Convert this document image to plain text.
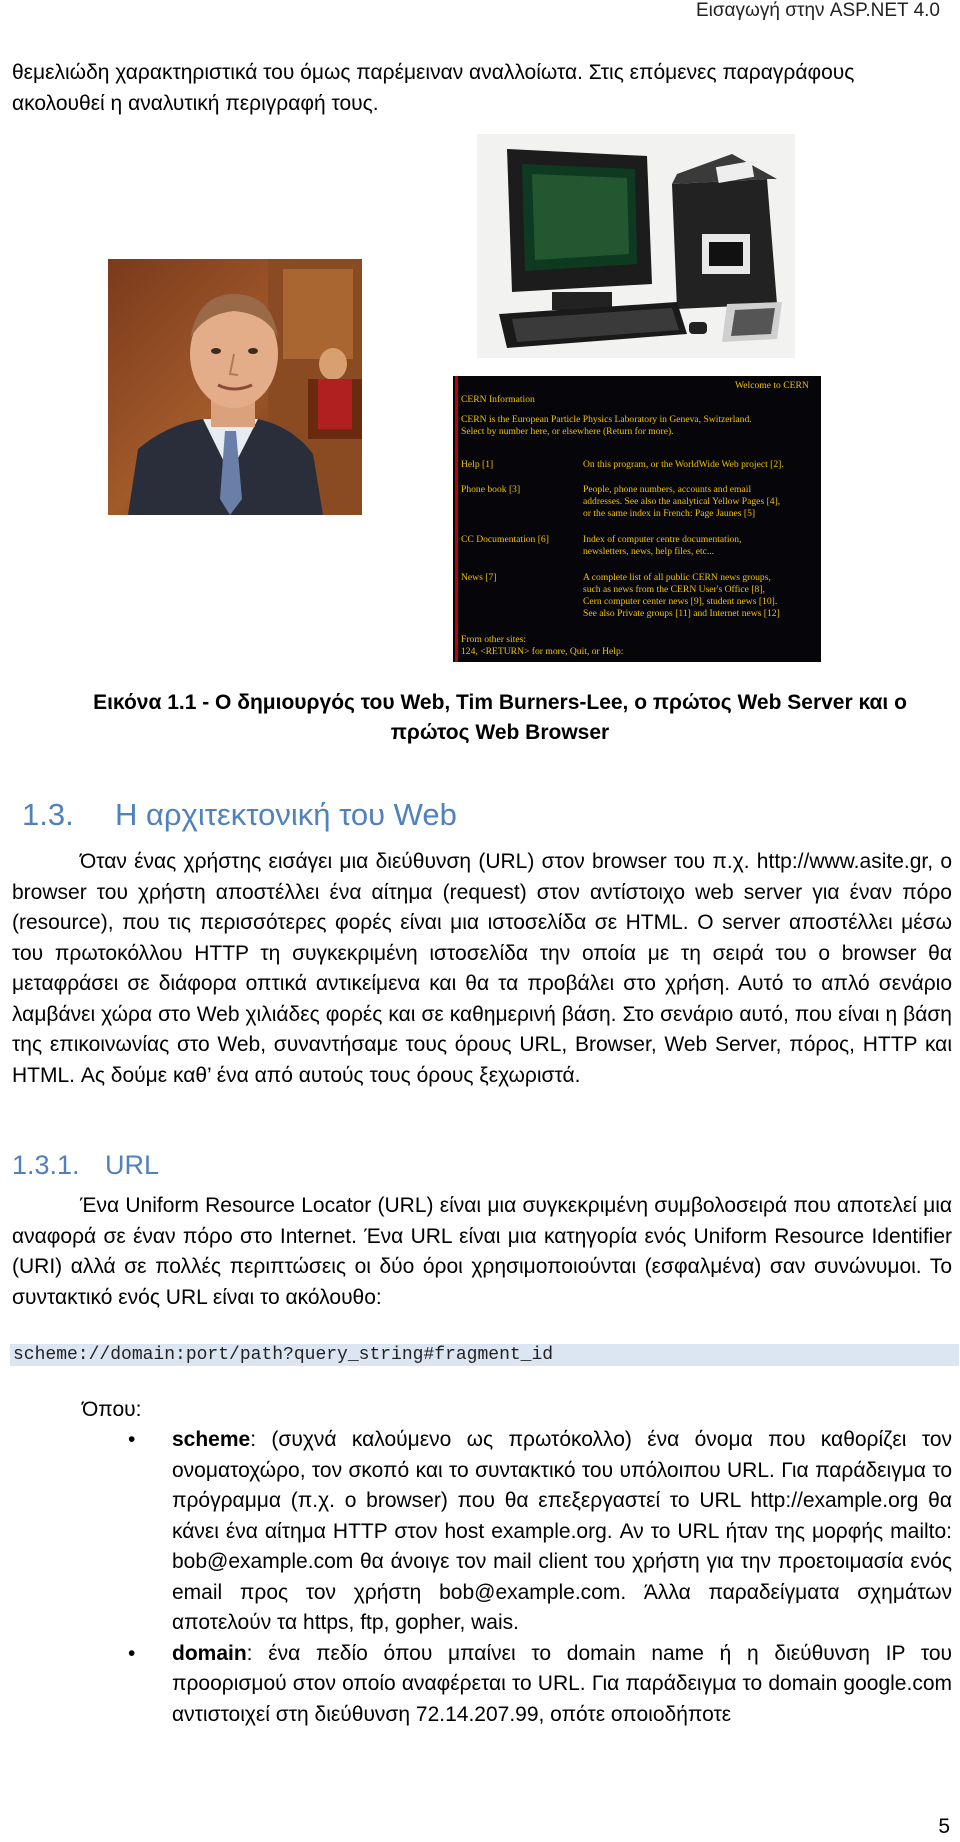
Εισαγωγή στην ASP.NET 4.0

θεμελιώδη χαρακτηριστικά του όμως παρέμειναν αναλλοίωτα. Στις επόμενες παραγράφους ακολουθεί η αναλυτική περιγραφή τους.

CERN Information
Welcome to CERN
CERN is the European Particle Physics Laboratory in Geneva, Switzerland.
Select by number here, or elsewhere (Return for more).
Help [1]	On this program, or the WorldWide Web project [2].
Phone book [3]	People, phone numbers, accounts and email
addresses. See also the analytical Yellow Pages [4],
or the same index in French: Page Jaunes [5]
CC Documentation [6]	Index of computer centre documentation,
newsletters, news, help files, etc...
News [7]	A complete list of all public CERN news groups,
such as news from the CERN User's Office [8],
Cern computer center news [9], student news [10].
See also Private groups [11] and Internet news [12]
From other sites:
124, <RETURN> for more, Quit, or Help:
Εικόνα 1.1 - Ο δημιουργός του Web, Tim Burners-Lee, ο πρώτος Web Server και ο
πρώτος Web Browser
1.3. Η αρχιτεκτονική του Web

Όταν ένας χρήστης εισάγει μια διεύθυνση (URL) στον browser του π.χ. http://www.asite.gr, ο browser του χρήστη αποστέλλει ένα αίτημα (request) στον αντίστοιχο web server για έναν πόρο (resource), που τις περισσότερες φορές είναι μια ιστοσελίδα σε HTML. Ο server αποστέλλει μέσω του πρωτοκόλλου HTTP τη συγκεκριμένη ιστοσελίδα την οποία με τη σειρά του ο browser θα μεταφράσει σε διάφορα οπτικά αντικείμενα και θα τα προβάλει στο χρήση. Αυτό το απλό σενάριο λαμβάνει χώρα στο Web χιλιάδες φορές και σε καθημερινή βάση. Στο σενάριο αυτό, που είναι η βάση της επικοινωνίας στο Web, συναντήσαμε τους όρους URL, Browser, Web Server, πόρος, HTTP και HTML. Ας δούμε καθ’ ένα από αυτούς τους όρους ξεχωριστά.

1.3.1. URL

Ένα Uniform Resource Locator (URL) είναι μια συγκεκριμένη συμβολοσειρά που αποτελεί μια αναφορά σε έναν πόρο στο Internet. Ένα URL είναι μια κατηγορία ενός Uniform Resource Identifier (URI) αλλά σε πολλές περιπτώσεις οι δύο όροι χρησιμοποιούνται (εσφαλμένα) σαν συνώνυμοι. Το συντακτικό ενός URL είναι το ακόλουθο:

scheme://domain:port/path?query_string#fragment_id
Όπου:
• scheme: (συχνά καλούμενο ως πρωτόκολλο) ένα όνομα που καθορίζει τον ονοματοχώρο, τον σκοπό και το συντακτικό του υπόλοιπου URL. Για παράδειγμα το πρόγραμμα (π.χ. ο browser) που θα επεξεργαστεί το URL http://example.org θα κάνει ένα αίτημα HTTP στον host example.org. Αν το URL ήταν της μορφής mailto: bob@example.com θα άνοιγε τον mail client του χρήστη για την προετοιμασία ενός email προς τον χρήστη bob@example.com. Άλλα παραδείγματα σχημάτων αποτελούν τα https, ftp, gopher, wais.
• domain: ένα πεδίο όπου μπαίνει το domain name ή η διεύθυνση IP του προορισμού στον οποίο αναφέρεται το URL. Για παράδειγμα το domain google.com αντιστοιχεί στη διεύθυνση 72.14.207.99, οπότε οποιοδήποτε
5
